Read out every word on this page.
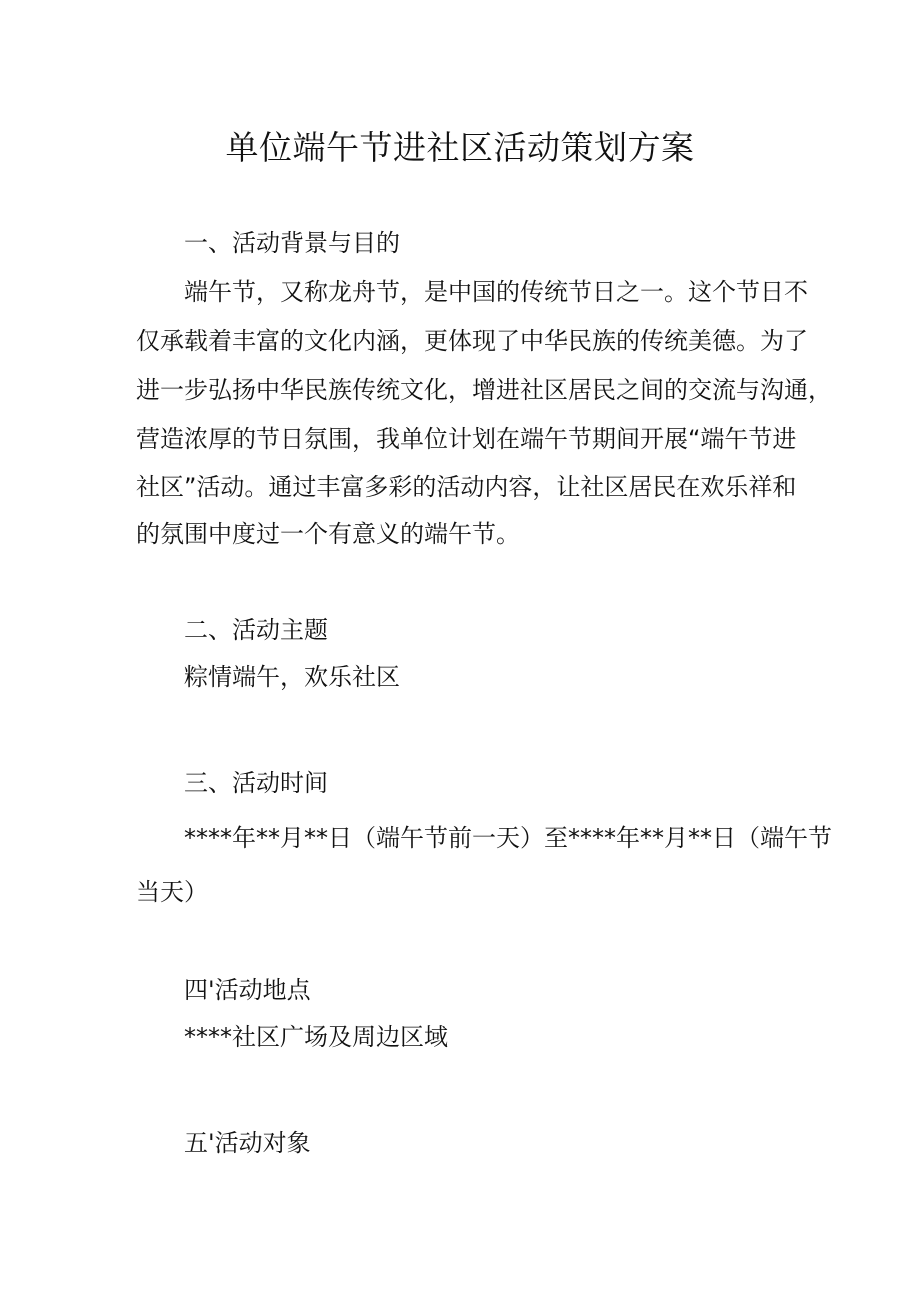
单位端午节进社区活动策划方案

一、活动背景与目的

端午节，又称龙舟节，是中国的传统节日之一。这个节日不

仅承载着丰富的文化内涵，更体现了中华民族的传统美德。为了

进一步弘扬中华民族传统文化，增进社区居民之间的交流与沟通，

营造浓厚的节日氛围，我单位计划在端午节期间开展“端午节进

社区”活动。通过丰富多彩的活动内容，让社区居民在欢乐祥和

的氛围中度过一个有意义的端午节。

二、活动主题

粽情端午，欢乐社区

三、活动时间

****年**月**日（端午节前一天）至****年**月**日（端午节

当天）

四'活动地点

****社区广场及周边区域

五'活动对象
